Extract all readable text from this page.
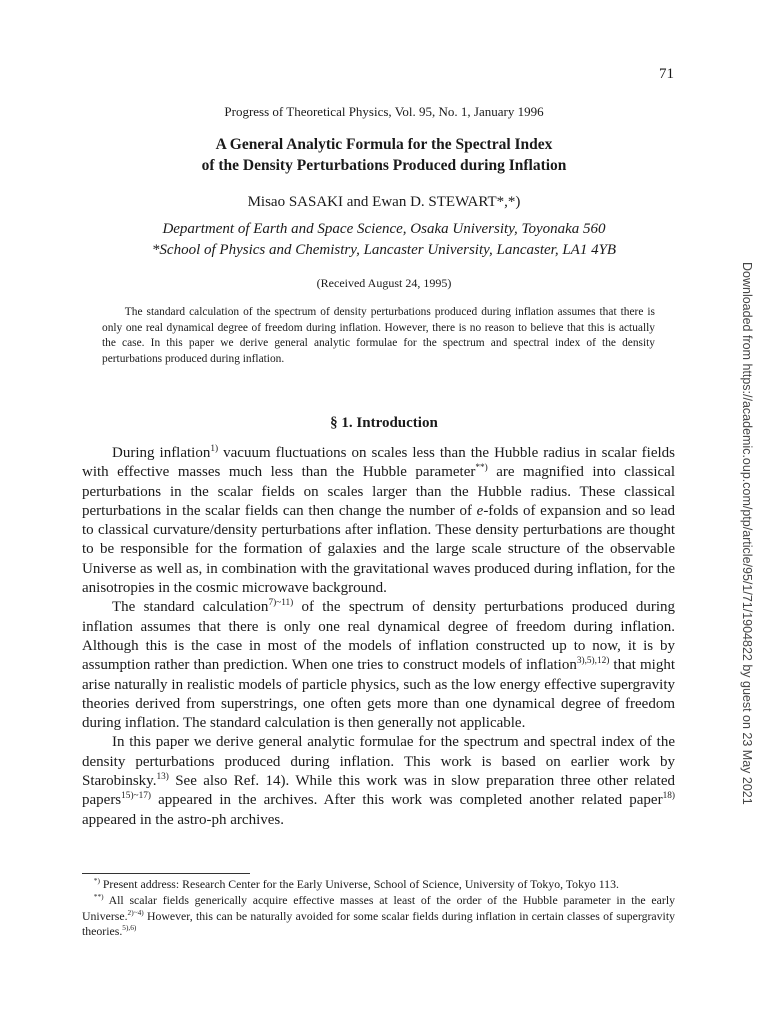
71
Progress of Theoretical Physics, Vol. 95, No. 1, January 1996
A General Analytic Formula for the Spectral Index
of the Density Perturbations Produced during Inflation
Misao SASAKI and Ewan D. STEWART*,*)
Department of Earth and Space Science, Osaka University, Toyonaka 560
*School of Physics and Chemistry, Lancaster University, Lancaster, LA1 4YB
(Received August 24, 1995)
The standard calculation of the spectrum of density perturbations produced during inflation assumes that there is only one real dynamical degree of freedom during inflation. However, there is no reason to believe that this is actually the case. In this paper we derive general analytic formulae for the spectrum and spectral index of the density perturbations produced during inflation.
§ 1. Introduction

During inflation$^{1)}$ vacuum fluctuations on scales less than the Hubble radius in scalar fields with effective masses much less than the Hubble parameter**) are magnified into classical perturbations in the scalar fields on scales larger than the Hubble radius. These classical perturbations in the scalar fields can then change the number of e-folds of expansion and so lead to classical curvature/density perturbations after inflation. These density perturbations are thought to be responsible for the formation of galaxies and the large scale structure of the observable Universe as well as, in combination with the gravitational waves produced during inflation, for the anisotropies in the cosmic microwave background.

The standard calculation$^{7)\sim 11)}$ of the spectrum of density perturbations produced during inflation assumes that there is only one real dynamical degree of freedom during inflation. Although this is the case in most of the models of inflation constructed up to now, it is by assumption rather than prediction. When one tries to construct models of inflation$^{3),5),12)}$ that might arise naturally in realistic models of particle physics, such as the low energy effective supergravity theories derived from superstrings, one often gets more than one dynamical degree of freedom during inflation. The standard calculation is then generally not applicable.

In this paper we derive general analytic formulae for the spectrum and spectral index of the density perturbations produced during inflation. This work is based on earlier work by Starobinsky.$^{13)}$ See also Ref. 14). While this work was in slow preparation three other related papers$^{15)\sim 17)}$ appeared in the archives. After this work was completed another related paper$^{18)}$ appeared in the astro-ph archives.

*) Present address: Research Center for the Early Universe, School of Science, University of Tokyo, Tokyo 113.

**) All scalar fields generically acquire effective masses at least of the order of the Hubble parameter in the early Universe.$^{2)\sim 4)}$ However, this can be naturally avoided for some scalar fields during inflation in certain classes of supergravity theories.$^{5),6)}$

Downloaded from https://academic.oup.com/ptp/article/95/1/71/1904822 by guest on 23 May 2021
